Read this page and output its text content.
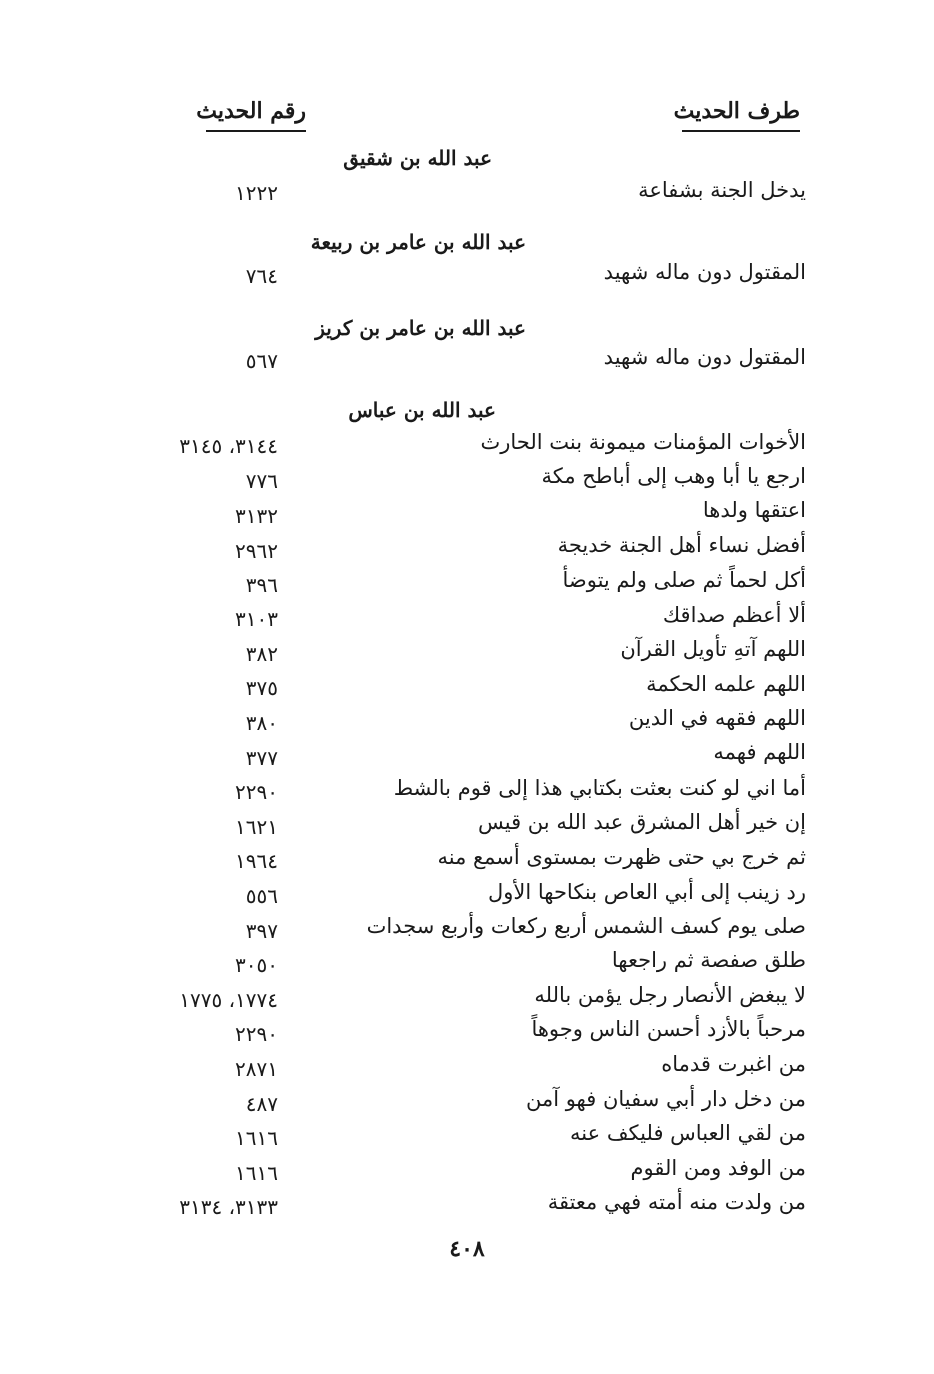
طرف الحديث
رقم الحديث
عبد الله بن شقيق
يدخل الجنة بشفاعة
١٢٢٢
عبد الله بن عامر بن ربيعة
المقتول دون ماله شهيد
٧٦٤
عبد الله بن عامر بن كريز
المقتول دون ماله شهيد
٥٦٧
عبد الله بن عباس
الأخوات المؤمنات ميمونة بنت الحارث
٣١٤٤، ٣١٤٥
ارجع يا أبا وهب إلى أباطح مكة
٧٧٦
اعتقها ولدها
٣١٣٢
أفضل نساء أهل الجنة خديجة
٢٩٦٢
أكل لحماً ثم صلى ولم يتوضأ
٣٩٦
ألا أعظم صداقك
٣١٠٣
اللهم آتهِ تأويل القرآن
٣٨٢
اللهم علمه الحكمة
٣٧٥
اللهم فقهه في الدين
٣٨٠
اللهم فهمه
٣٧٧
أما اني لو كنت بعثت بكتابي هذا إلى قوم بالشط
٢٢٩٠
إن خير أهل المشرق عبد الله بن قيس
١٦٢١
ثم خرج بي حتى ظهرت بمستوى أسمع منه
١٩٦٤
رد زينب إلى أبي العاص بنكاحها الأول
٥٥٦
صلى يوم كسف الشمس أربع ركعات وأربع سجدات
٣٩٧
طلق صفصة ثم راجعها
٣٠٥٠
لا يبغض الأنصار رجل يؤمن بالله
١٧٧٤، ١٧٧٥
مرحباً بالأزد أحسن الناس وجوهاً
٢٢٩٠
من اغبرت قدماه
٢٨٧١
من دخل دار أبي سفيان فهو آمن
٤٨٧
من لقي العباس فليكف عنه
١٦١٦
من الوفد ومن القوم
١٦١٦
من ولدت منه أمته فهي معتقة
٣١٣٣، ٣١٣٤
٤٠٨
